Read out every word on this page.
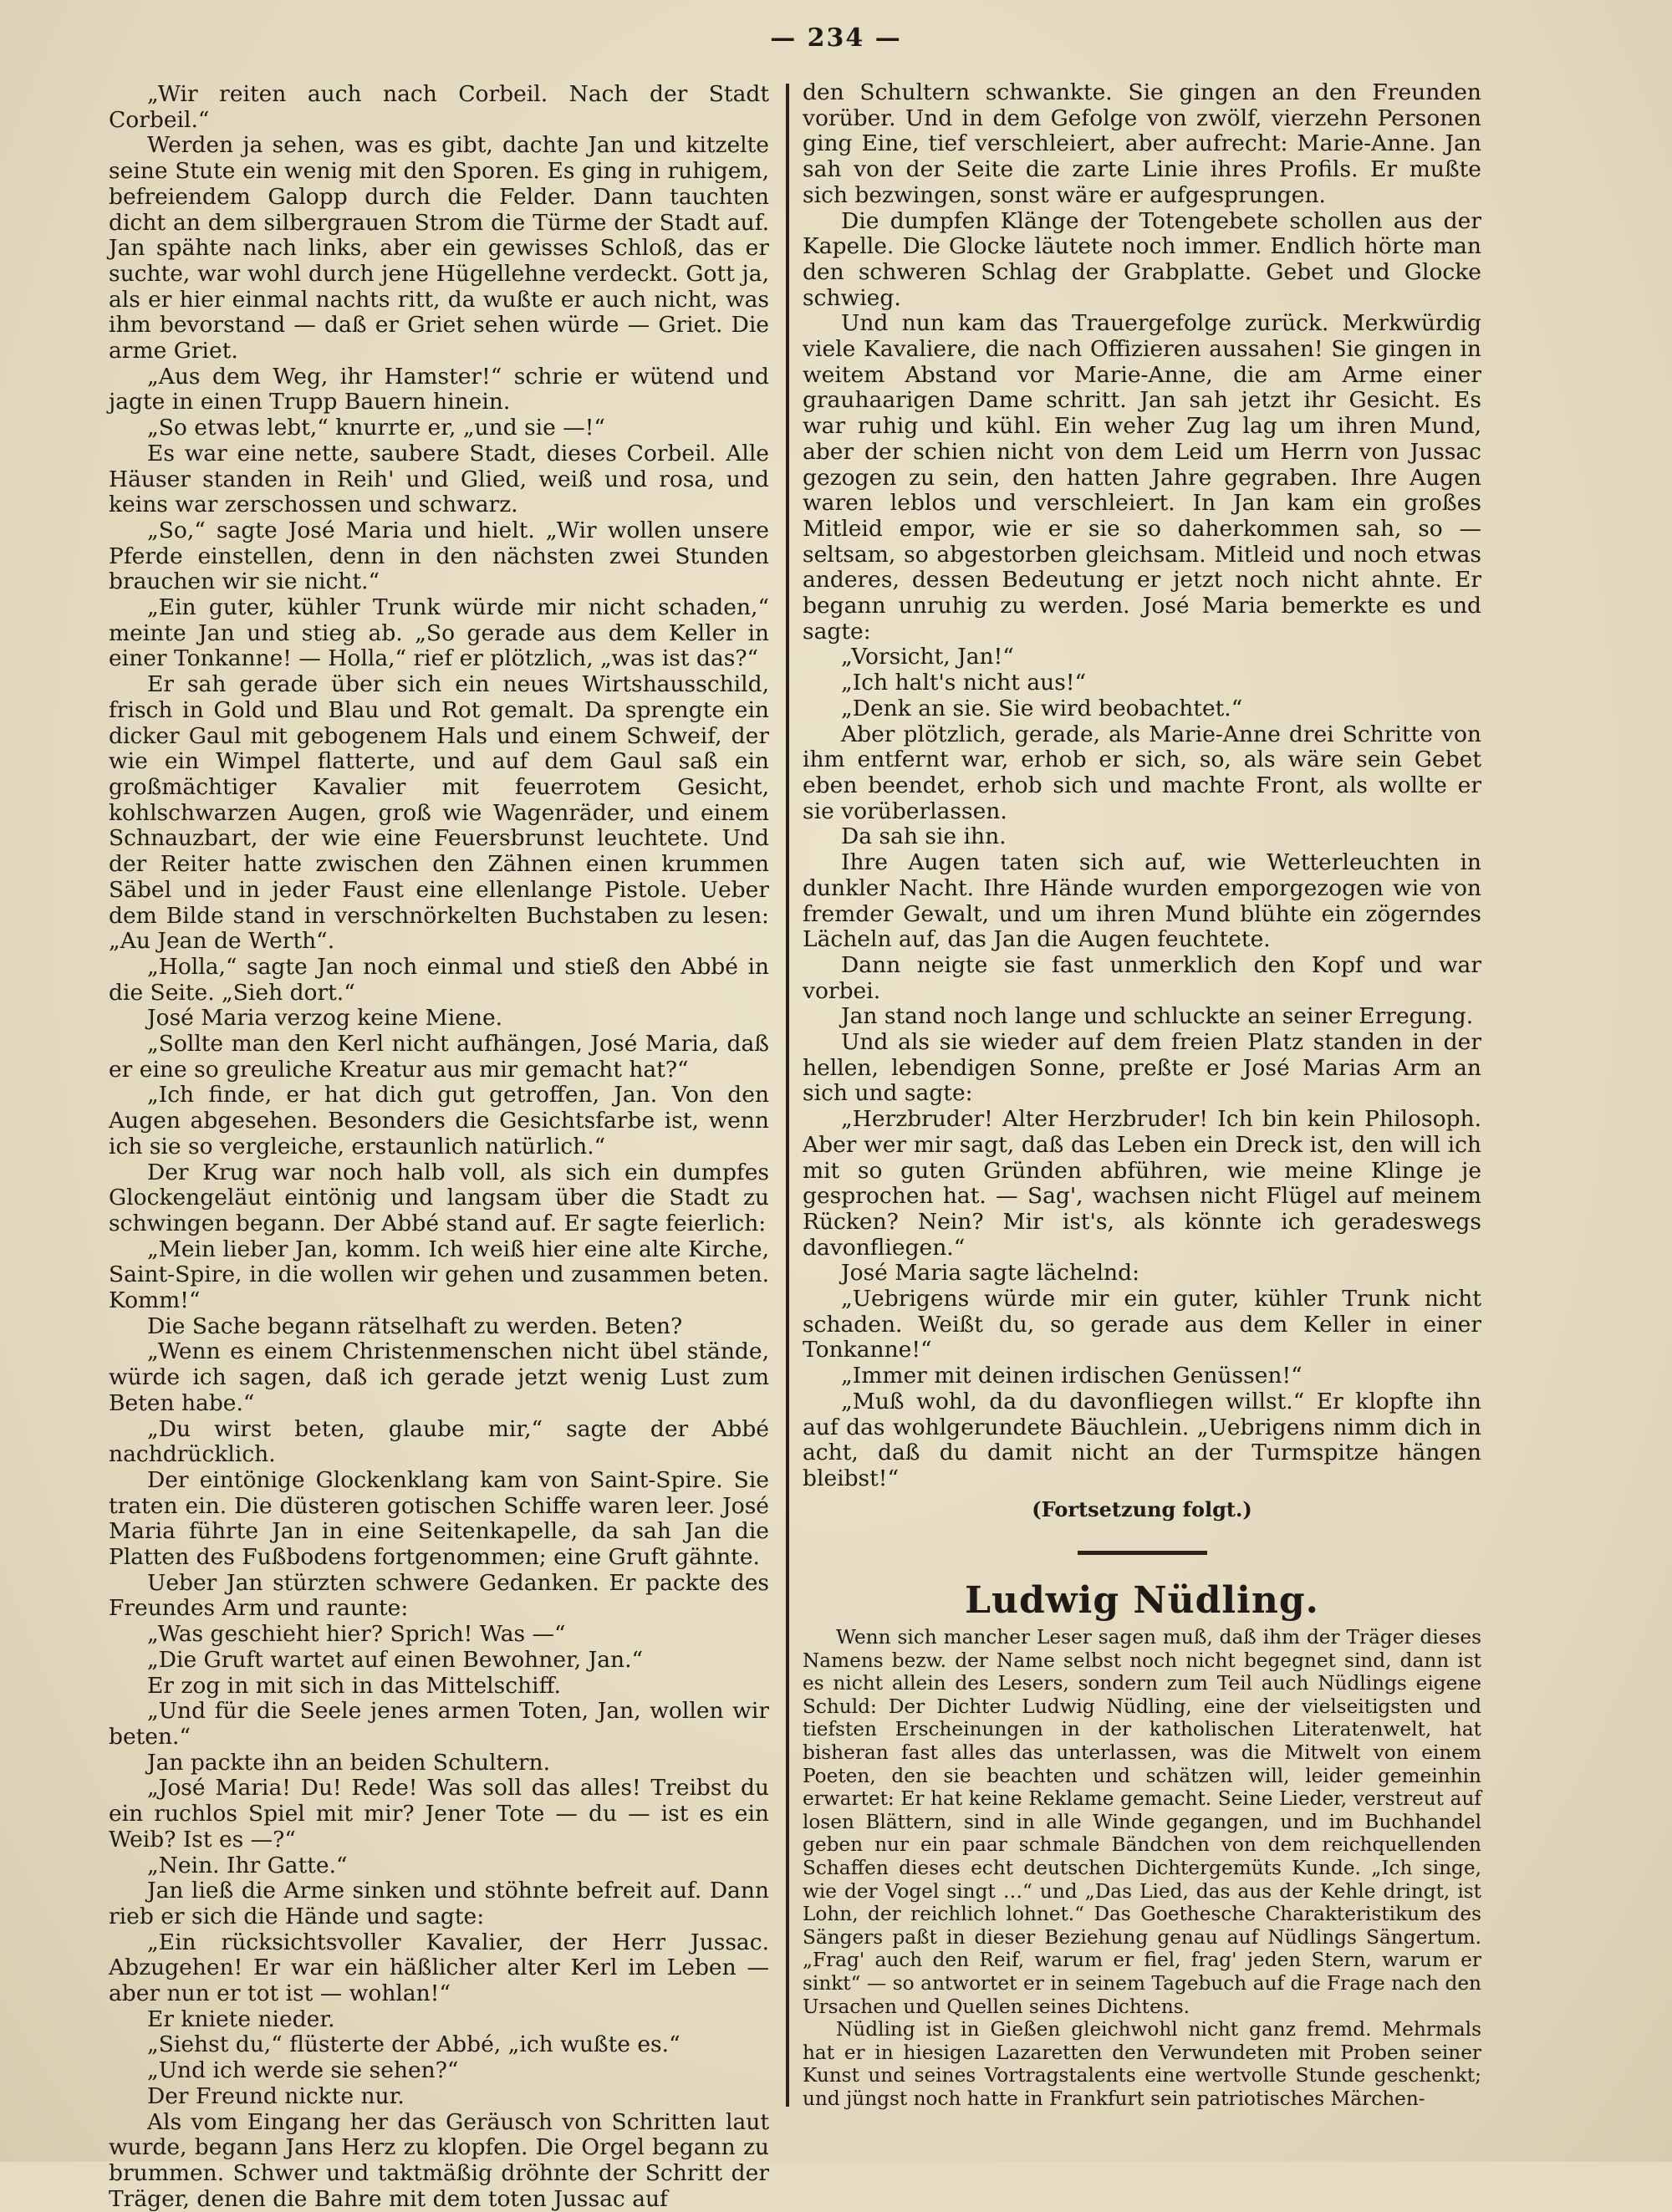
— 234 —

„Wir reiten auch nach Corbeil. Nach der Stadt Corbeil.“

Werden ja sehen, was es gibt, dachte Jan und kitzelte seine Stute ein wenig mit den Sporen. Es ging in ruhigem, befreiendem Galopp durch die Felder. Dann tauchten dicht an dem silbergrauen Strom die Türme der Stadt auf. Jan spähte nach links, aber ein gewisses Schloß, das er suchte, war wohl durch jene Hügellehne verdeckt. Gott ja, als er hier einmal nachts ritt, da wußte er auch nicht, was ihm bevorstand — daß er Griet sehen würde — Griet. Die arme Griet.

„Aus dem Weg, ihr Hamster!“ schrie er wütend und jagte in einen Trupp Bauern hinein.

„So etwas lebt,“ knurrte er, „und sie —!“

Es war eine nette, saubere Stadt, dieses Corbeil. Alle Häuser standen in Reih' und Glied, weiß und rosa, und keins war zerschossen und schwarz.

„So,“ sagte José Maria und hielt. „Wir wollen unsere Pferde einstellen, denn in den nächsten zwei Stunden brauchen wir sie nicht.“

„Ein guter, kühler Trunk würde mir nicht schaden,“ meinte Jan und stieg ab. „So gerade aus dem Keller in einer Tonkanne! — Holla,“ rief er plötzlich, „was ist das?“

Er sah gerade über sich ein neues Wirtshausschild, frisch in Gold und Blau und Rot gemalt. Da sprengte ein dicker Gaul mit gebogenem Hals und einem Schweif, der wie ein Wimpel flatterte, und auf dem Gaul saß ein großmächtiger Kavalier mit feuerrotem Gesicht, kohlschwarzen Augen, groß wie Wagenräder, und einem Schnauzbart, der wie eine Feuersbrunst leuchtete. Und der Reiter hatte zwischen den Zähnen einen krummen Säbel und in jeder Faust eine ellenlange Pistole. Ueber dem Bilde stand in verschnörkelten Buchstaben zu lesen: „Au Jean de Werth“.

„Holla,“ sagte Jan noch einmal und stieß den Abbé in die Seite. „Sieh dort.“

José Maria verzog keine Miene.

„Sollte man den Kerl nicht aufhängen, José Maria, daß er eine so greuliche Kreatur aus mir gemacht hat?“

„Ich finde, er hat dich gut getroffen, Jan. Von den Augen abgesehen. Besonders die Gesichtsfarbe ist, wenn ich sie so vergleiche, erstaunlich natürlich.“

Der Krug war noch halb voll, als sich ein dumpfes Glockengeläut eintönig und langsam über die Stadt zu schwingen begann. Der Abbé stand auf. Er sagte feierlich:

„Mein lieber Jan, komm. Ich weiß hier eine alte Kirche, Saint-Spire, in die wollen wir gehen und zusammen beten. Komm!“

Die Sache begann rätselhaft zu werden. Beten?

„Wenn es einem Christenmenschen nicht übel stände, würde ich sagen, daß ich gerade jetzt wenig Lust zum Beten habe.“

„Du wirst beten, glaube mir,“ sagte der Abbé nachdrücklich.

Der eintönige Glockenklang kam von Saint-Spire. Sie traten ein. Die düsteren gotischen Schiffe waren leer. José Maria führte Jan in eine Seitenkapelle, da sah Jan die Platten des Fußbodens fortgenommen; eine Gruft gähnte.

Ueber Jan stürzten schwere Gedanken. Er packte des Freundes Arm und raunte:

„Was geschieht hier? Sprich! Was —“

„Die Gruft wartet auf einen Bewohner, Jan.“

Er zog in mit sich in das Mittelschiff.

„Und für die Seele jenes armen Toten, Jan, wollen wir beten.“

Jan packte ihn an beiden Schultern.

„José Maria! Du! Rede! Was soll das alles! Treibst du ein ruchlos Spiel mit mir? Jener Tote — du — ist es ein Weib? Ist es —?“

„Nein. Ihr Gatte.“

Jan ließ die Arme sinken und stöhnte befreit auf. Dann rieb er sich die Hände und sagte:

„Ein rücksichtsvoller Kavalier, der Herr Jussac. Abzugehen! Er war ein häßlicher alter Kerl im Leben — aber nun er tot ist — wohlan!“

Er kniete nieder.

„Siehst du,“ flüsterte der Abbé, „ich wußte es.“

„Und ich werde sie sehen?“

Der Freund nickte nur.

Als vom Eingang her das Geräusch von Schritten laut wurde, begann Jans Herz zu klopfen. Die Orgel begann zu brummen. Schwer und taktmäßig dröhnte der Schritt der Träger, denen die Bahre mit dem toten Jussac auf

den Schultern schwankte. Sie gingen an den Freunden vorüber. Und in dem Gefolge von zwölf, vierzehn Personen ging Eine, tief verschleiert, aber aufrecht: Marie-Anne. Jan sah von der Seite die zarte Linie ihres Profils. Er mußte sich bezwingen, sonst wäre er aufgesprungen.

Die dumpfen Klänge der Totengebete schollen aus der Kapelle. Die Glocke läutete noch immer. Endlich hörte man den schweren Schlag der Grabplatte. Gebet und Glocke schwieg.

Und nun kam das Trauergefolge zurück. Merkwürdig viele Kavaliere, die nach Offizieren aussahen! Sie gingen in weitem Abstand vor Marie-Anne, die am Arme einer grauhaarigen Dame schritt. Jan sah jetzt ihr Gesicht. Es war ruhig und kühl. Ein weher Zug lag um ihren Mund, aber der schien nicht von dem Leid um Herrn von Jussac gezogen zu sein, den hatten Jahre gegraben. Ihre Augen waren leblos und verschleiert. In Jan kam ein großes Mitleid empor, wie er sie so daherkommen sah, so — seltsam, so abgestorben gleichsam. Mitleid und noch etwas anderes, dessen Bedeutung er jetzt noch nicht ahnte. Er begann unruhig zu werden. José Maria bemerkte es und sagte:

„Vorsicht, Jan!“

„Ich halt's nicht aus!“

„Denk an sie. Sie wird beobachtet.“

Aber plötzlich, gerade, als Marie-Anne drei Schritte von ihm entfernt war, erhob er sich, so, als wäre sein Gebet eben beendet, erhob sich und machte Front, als wollte er sie vorüberlassen.

Da sah sie ihn.

Ihre Augen taten sich auf, wie Wetterleuchten in dunkler Nacht. Ihre Hände wurden emporgezogen wie von fremder Gewalt, und um ihren Mund blühte ein zögerndes Lächeln auf, das Jan die Augen feuchtete.

Dann neigte sie fast unmerklich den Kopf und war vorbei.

Jan stand noch lange und schluckte an seiner Erregung.

Und als sie wieder auf dem freien Platz standen in der hellen, lebendigen Sonne, preßte er José Marias Arm an sich und sagte:

„Herzbruder! Alter Herzbruder! Ich bin kein Philosoph. Aber wer mir sagt, daß das Leben ein Dreck ist, den will ich mit so guten Gründen abführen, wie meine Klinge je gesprochen hat. — Sag', wachsen nicht Flügel auf meinem Rücken? Nein? Mir ist's, als könnte ich geradeswegs davonfliegen.“

José Maria sagte lächelnd:

„Uebrigens würde mir ein guter, kühler Trunk nicht schaden. Weißt du, so gerade aus dem Keller in einer Tonkanne!“

„Immer mit deinen irdischen Genüssen!“

„Muß wohl, da du davonfliegen willst.“ Er klopfte ihn auf das wohlgerundete Bäuchlein. „Uebrigens nimm dich in acht, daß du damit nicht an der Turmspitze hängen bleibst!“

(Fortsetzung folgt.)

Ludwig Nüdling.

Wenn sich mancher Leser sagen muß, daß ihm der Träger dieses Namens bezw. der Name selbst noch nicht begegnet sind, dann ist es nicht allein des Lesers, sondern zum Teil auch Nüdlings eigene Schuld: Der Dichter Ludwig Nüdling, eine der vielseitigsten und tiefsten Erscheinungen in der katholischen Literatenwelt, hat bisheran fast alles das unterlassen, was die Mitwelt von einem Poeten, den sie beachten und schätzen will, leider gemeinhin erwartet: Er hat keine Reklame gemacht. Seine Lieder, verstreut auf losen Blättern, sind in alle Winde gegangen, und im Buchhandel geben nur ein paar schmale Bändchen von dem reichquellenden Schaffen dieses echt deutschen Dichtergemüts Kunde. „Ich singe, wie der Vogel singt …“ und „Das Lied, das aus der Kehle dringt, ist Lohn, der reichlich lohnet.“ Das Goethesche Charakteristikum des Sängers paßt in dieser Beziehung genau auf Nüdlings Sängertum. „Frag' auch den Reif, warum er fiel, frag' jeden Stern, warum er sinkt“ — so antwortet er in seinem Tagebuch auf die Frage nach den Ursachen und Quellen seines Dichtens.

Nüdling ist in Gießen gleichwohl nicht ganz fremd. Mehrmals hat er in hiesigen Lazaretten den Verwundeten mit Proben seiner Kunst und seines Vortragstalents eine wertvolle Stunde geschenkt; und jüngst noch hatte in Frankfurt sein patriotisches Märchen-
